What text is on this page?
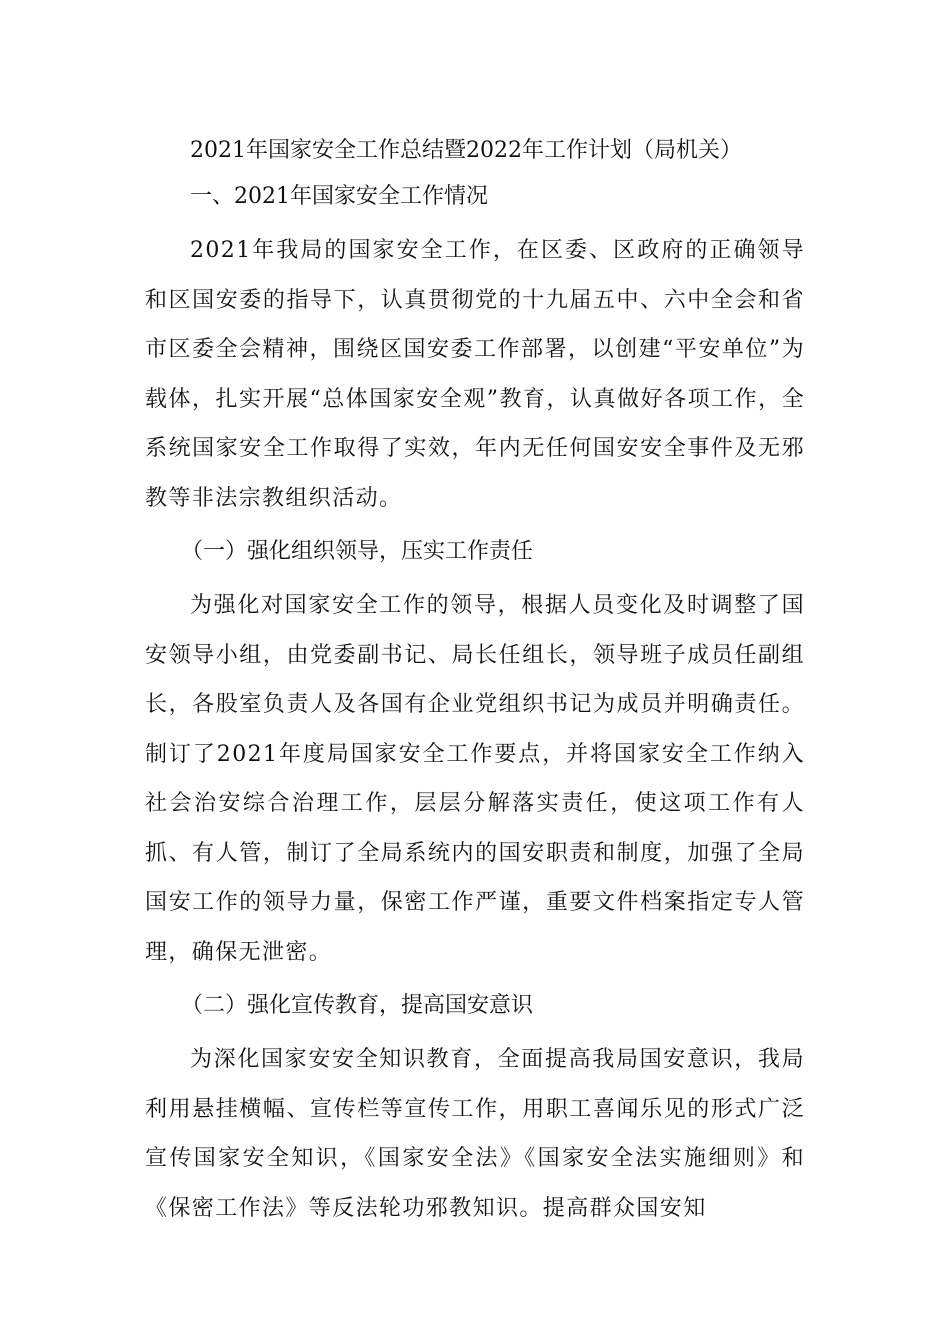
2021年国家安全工作总结暨2022年工作计划（局机关）
一、2021年国家安全工作情况

2021年我局的国家安全工作，在区委、区政府的正确领导和区国安委的指导下，认真贯彻党的十九届五中、六中全会和省市区委全会精神，围绕区国安委工作部署，以创建“平安单位”为载体，扎实开展“总体国家安全观”教育，认真做好各项工作，全系统国家安全工作取得了实效，年内无任何国安安全事件及无邪教等非法宗教组织活动。

（一）强化组织领导，压实工作责任

为强化对国家安全工作的领导，根据人员变化及时调整了国安领导小组，由党委副书记、局长任组长，领导班子成员任副组长，各股室负责人及各国有企业党组织书记为成员并明确责任。制订了2021年度局国家安全工作要点，并将国家安全工作纳入社会治安综合治理工作，层层分解落实责任，使这项工作有人抓、有人管，制订了全局系统内的国安职责和制度，加强了全局国安工作的领导力量，保密工作严谨，重要文件档案指定专人管理，确保无泄密。

（二）强化宣传教育，提高国安意识

为深化国家安安全知识教育，全面提高我局国安意识，我局利用悬挂横幅、宣传栏等宣传工作，用职工喜闻乐见的形式广泛宣传国家安全知识，《国家安全法》《国家安全法实施细则》和《保密工作法》等反法轮功邪教知识。提高群众国安知
